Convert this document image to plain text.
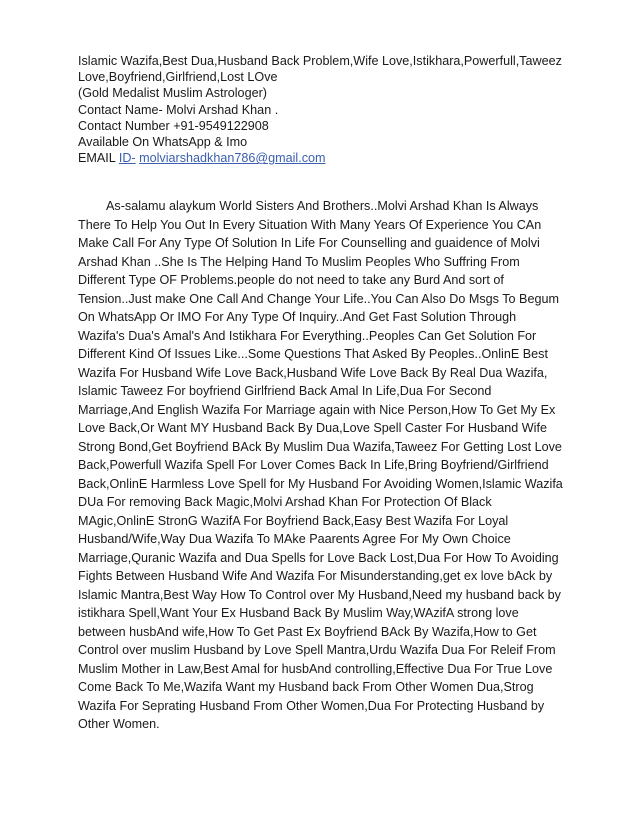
Islamic Wazifa,Best Dua,Husband Back Problem,Wife Love,Istikhara,Powerfull,Taweez
Love,Boyfriend,Girlfriend,Lost LOve
(Gold Medalist Muslim Astrologer)
Contact Name- Molvi Arshad Khan .
Contact Number +91-9549122908
Available On WhatsApp & Imo
EMAIL ID- molviarshadkhan786@gmail.com
As-salamu alaykum World Sisters And Brothers..Molvi Arshad Khan Is Always
There To Help You Out In Every Situation With Many Years Of Experience You CAn
Make Call For Any Type Of Solution In Life For Counselling and guaidence of Molvi
Arshad Khan ..She Is The Helping Hand To Muslim Peoples Who Suffring From
Different Type OF Problems.people do not need to take any Burd And sort of
Tension..Just make One Call And Change Your Life..You Can Also Do Msgs To Begum
On WhatsApp Or IMO For Any Type Of Inquiry..And Get Fast Solution Through
Wazifa's Dua's Amal's And Istikhara For Everything..Peoples Can Get Solution For
Different Kind Of Issues Like...Some Questions That Asked By Peoples..OnlinE Best
Wazifa For Husband Wife Love Back,Husband Wife Love Back By Real Dua Wazifa,
Islamic Taweez For boyfriend Girlfriend Back Amal In Life,Dua For Second
Marriage,And English Wazifa For Marriage again with Nice Person,How To Get My Ex
Love Back,Or Want MY Husband Back By Dua,Love Spell Caster For Husband Wife
Strong Bond,Get Boyfriend BAck By Muslim Dua Wazifa,Taweez For Getting Lost Love
Back,Powerfull Wazifa Spell For Lover Comes Back In Life,Bring Boyfriend/Girlfriend
Back,OnlinE Harmless Love Spell for My Husband For Avoiding Women,Islamic Wazifa
DUa For removing Back Magic,Molvi Arshad Khan For Protection Of Black
MAgic,OnlinE StronG WazifA For Boyfriend Back,Easy Best Wazifa For Loyal
Husband/Wife,Way Dua Wazifa To MAke Paarents Agree For My Own Choice
Marriage,Quranic Wazifa and Dua Spells for Love Back Lost,Dua For How To Avoiding
Fights Between Husband Wife And Wazifa For Misunderstanding,get ex love bAck by
Islamic Mantra,Best Way How To Control over My Husband,Need my husband back by
istikhara Spell,Want Your Ex Husband Back By Muslim Way,WAzifA strong love
between husbAnd wife,How To Get Past Ex Boyfriend BAck By Wazifa,How to Get
Control over muslim Husband by Love Spell Mantra,Urdu Wazifa Dua For Releif From
Muslim Mother in Law,Best Amal for husbAnd controlling,Effective Dua For True Love
Come Back To Me,Wazifa Want my Husband back From Other Women Dua,Strog
Wazifa For Seprating Husband From Other Women,Dua For Protecting Husband by
Other Women.
